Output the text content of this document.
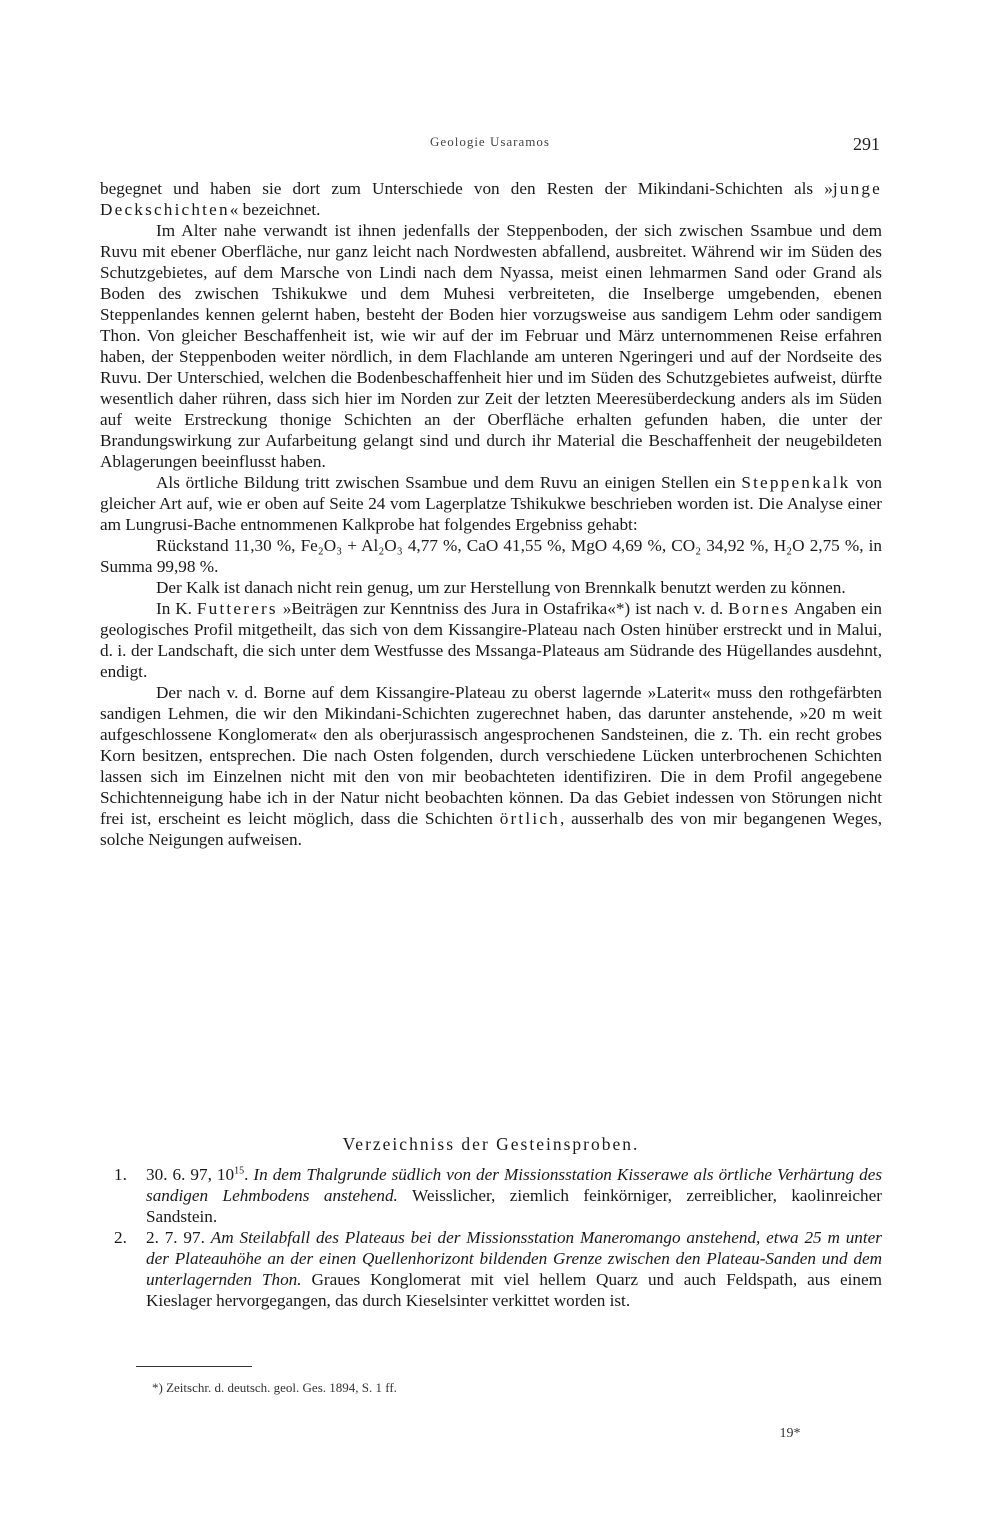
Geologie Usaramos	291

begegnet und haben sie dort zum Unterschiede von den Resten der Mikindani-Schichten als »junge Deckschichten« bezeichnet.

Im Alter nahe verwandt ist ihnen jedenfalls der Steppenboden, der sich zwischen Ssambue und dem Ruvu mit ebener Oberfläche, nur ganz leicht nach Nordwesten abfallend, ausbreitet. Während wir im Süden des Schutzgebietes, auf dem Marsche von Lindi nach dem Nyassa, meist einen lehmarmen Sand oder Grand als Boden des zwischen Tshikukwe und dem Muhesi verbreiteten, die Inselberge umgebenden, ebenen Steppenlandes kennen gelernt haben, besteht der Boden hier vorzugsweise aus sandigem Lehm oder sandigem Thon. Von gleicher Beschaffenheit ist, wie wir auf der im Februar und März unternommenen Reise erfahren haben, der Steppenboden weiter nördlich, in dem Flachlande am unteren Ngeringeri und auf der Nordseite des Ruvu. Der Unterschied, welchen die Bodenbeschaffenheit hier und im Süden des Schutzgebietes aufweist, dürfte wesentlich daher rühren, dass sich hier im Norden zur Zeit der letzten Meeresüberdeckung anders als im Süden auf weite Erstreckung thonige Schichten an der Oberfläche erhalten gefunden haben, die unter der Brandungswirkung zur Aufarbeitung gelangt sind und durch ihr Material die Beschaffenheit der neugebildeten Ablagerungen beeinflusst haben.

Als örtliche Bildung tritt zwischen Ssambue und dem Ruvu an einigen Stellen ein Steppenkalk von gleicher Art auf, wie er oben auf Seite 24 vom Lagerplatze Tshikukwe beschrieben worden ist. Die Analyse einer am Lungrusi-Bache entnommenen Kalkprobe hat folgendes Ergebniss gehabt:

Rückstand 11,30 %, Fe₂O₃ + Al₂O₃ 4,77 %, CaO 41,55 %, MgO 4,69 %, CO₂ 34,92 %, H₂O 2,75 %, in Summa 99,98 %.

Der Kalk ist danach nicht rein genug, um zur Herstellung von Brennkalk benutzt werden zu können.

In K. Futterers »Beiträgen zur Kenntniss des Jura in Ostafrika«*) ist nach v. d. Bornes Angaben ein geologisches Profil mitgetheilt, das sich von dem Kissangire-Plateau nach Osten hinüber erstreckt und in Malui, d. i. der Landschaft, die sich unter dem Westfusse des Mssanga-Plateaus am Südrande des Hügellandes ausdehnt, endigt.

Der nach v. d. Borne auf dem Kissangire-Plateau zu oberst lagernde »Laterit« muss den rothgefärbten sandigen Lehmen, die wir den Mikindani-Schichten zugerechnet haben, das darunter anstehende, »20 m weit aufgeschlossene Konglomerat« den als oberjurassisch angesprochenen Sandsteinen, die z. Th. ein recht grobes Korn besitzen, entsprechen. Die nach Osten folgenden, durch verschiedene Lücken unterbrochenen Schichten lassen sich im Einzelnen nicht mit den von mir beobachteten identifiziren. Die in dem Profil angegebene Schichtenneigung habe ich in der Natur nicht beobachten können. Da das Gebiet indessen von Störungen nicht frei ist, erscheint es leicht möglich, dass die Schichten örtlich, ausserhalb des von mir begangenen Weges, solche Neigungen aufweisen.

Verzeichniss der Gesteinsproben.
1. 30. 6. 97, $10^{15}$. In dem Thalgrunde südlich von der Missionsstation Kisserawe als örtliche Verhärtung des sandigen Lehmbodens anstehend. Weisslicher, ziemlich feinkörniger, zerreiblicher, kaolinreicher Sandstein.
2. 2. 7. 97. Am Steilabfall des Plateaus bei der Missionsstation Maneromango anstehend, etwa 25 m unter der Plateauhöhe an der einen Quellenhorizont bildenden Grenze zwischen den Plateau-Sanden und dem unterlagernden Thon. Graues Konglomerat mit viel hellem Quarz und auch Feldspath, aus einem Kieslager hervorgegangen, das durch Kieselsinter verkittet worden ist.
*) Zeitschr. d. deutsch. geol. Ges. 1894, S. 1 ff.
19*
